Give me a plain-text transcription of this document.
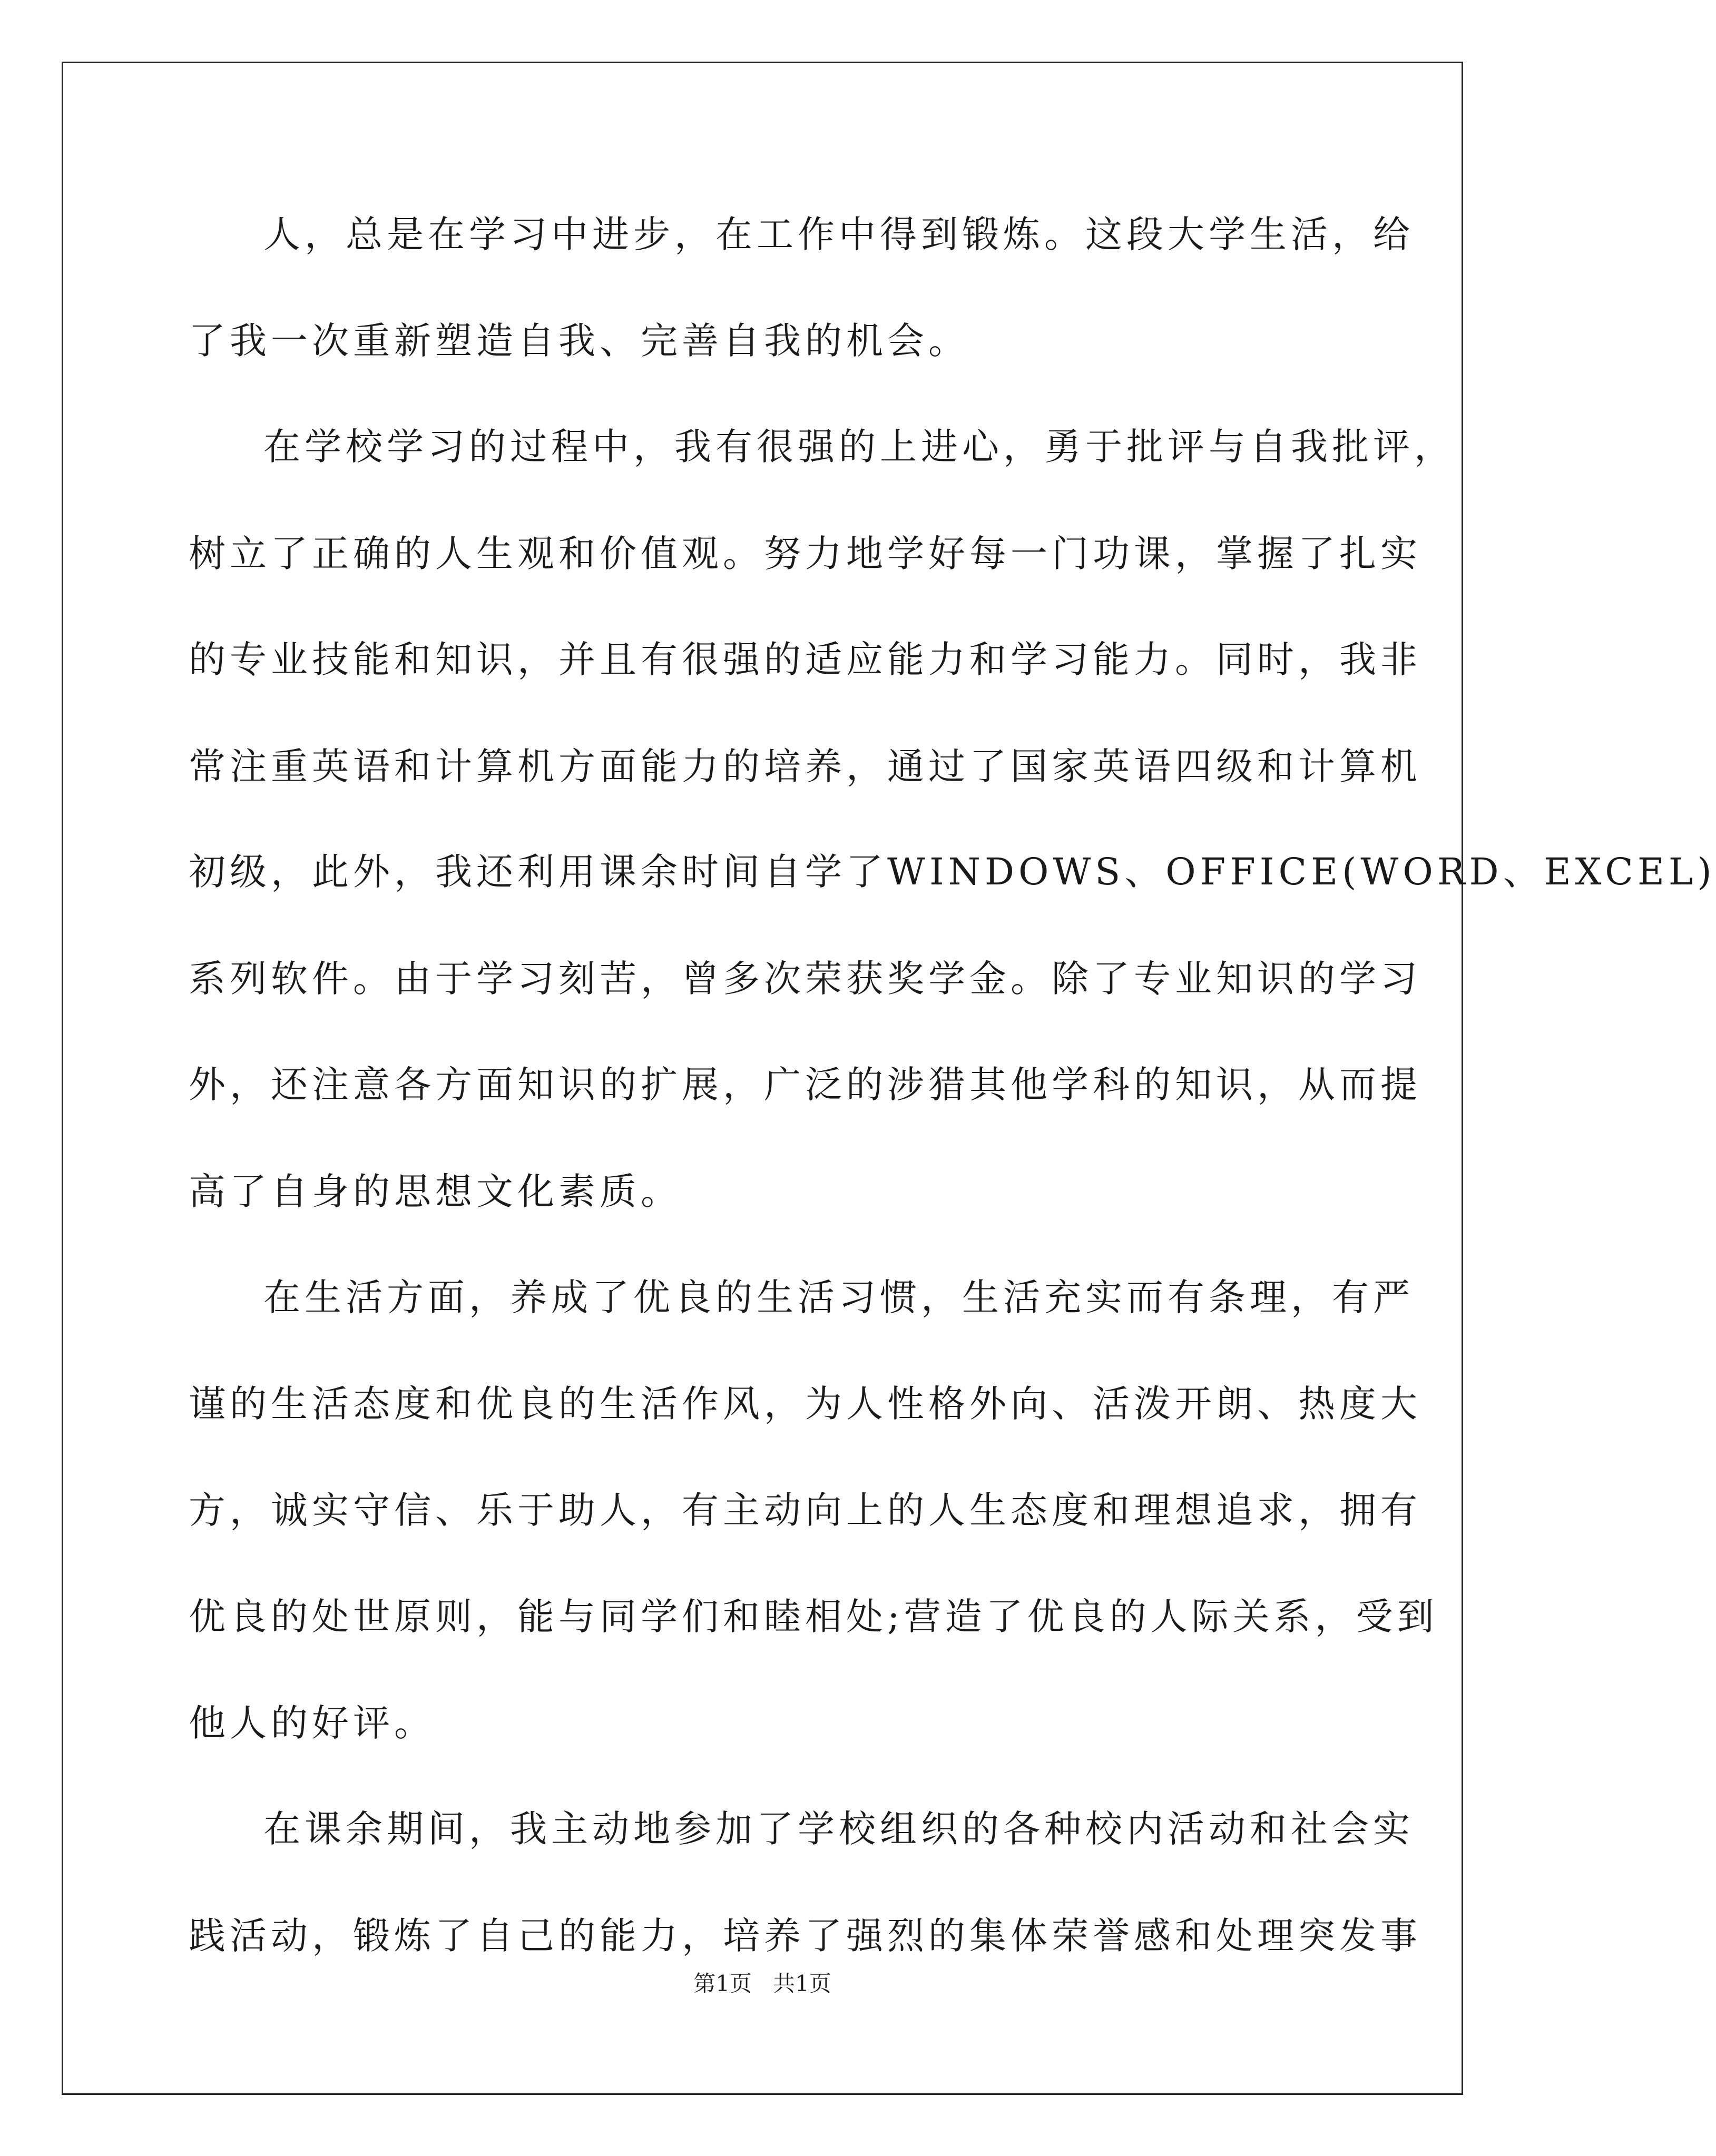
人，总是在学习中进步，在工作中得到锻炼。这段大学生活，给
了我一次重新塑造自我、完善自我的机会。
在学校学习的过程中，我有很强的上进心，勇于批评与自我批评，
树立了正确的人生观和价值观。努力地学好每一门功课，掌握了扎实
的专业技能和知识，并且有很强的适应能力和学习能力。同时，我非
常注重英语和计算机方面能力的培养，通过了国家英语四级和计算机
初级，此外，我还利用课余时间自学了WINDOWS、OFFICE(WORD、EXCEL)
系列软件。由于学习刻苦，曾多次荣获奖学金。除了专业知识的学习
外，还注意各方面知识的扩展，广泛的涉猎其他学科的知识，从而提
高了自身的思想文化素质。
在生活方面，养成了优良的生活习惯，生活充实而有条理，有严
谨的生活态度和优良的生活作风，为人性格外向、活泼开朗、热度大
方，诚实守信、乐于助人，有主动向上的人生态度和理想追求，拥有
优良的处世原则，能与同学们和睦相处;营造了优良的人际关系，受到
他人的好评。
在课余期间，我主动地参加了学校组织的各种校内活动和社会实
践活动，锻炼了自己的能力，培养了强烈的集体荣誉感和处理突发事
第1页   共1页
